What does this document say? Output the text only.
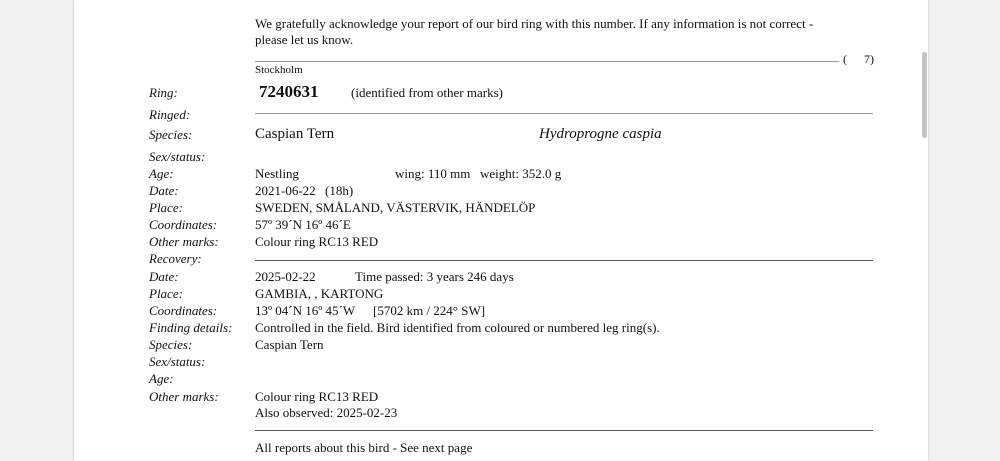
We gratefully acknowledge your report of our bird ring with this number. If any information is not correct -
please let us know.
( 7)
Stockholm
Ring:	7240631	(identified from other marks)
Ringed:
Species:	Caspian Tern	Hydroprogne caspia
Sex/status:
Age:	Nestling	wing: 110 mm weight: 352.0 g
Date:	2021-06-22 (18h)
Place:	SWEDEN, SMÅLAND, VÄSTERVIK, HÄNDELÖP
Coordinates:	57º 39´N 16º 46´E
Other marks:	Colour ring RC13 RED
Recovery:
Date:	2025-02-22	Time passed: 3 years 246 days
Place:	GAMBIA, , KARTONG
Coordinates:	13º 04´N 16º 45´W [5702 km / 224° SW]
Finding details: Controlled in the field. Bird identified from coloured or numbered leg ring(s).
Species:	Caspian Tern
Sex/status:
Age:
Other marks:	Colour ring RC13 RED
Also observed: 2025-02-23
All reports about this bird - See next page
